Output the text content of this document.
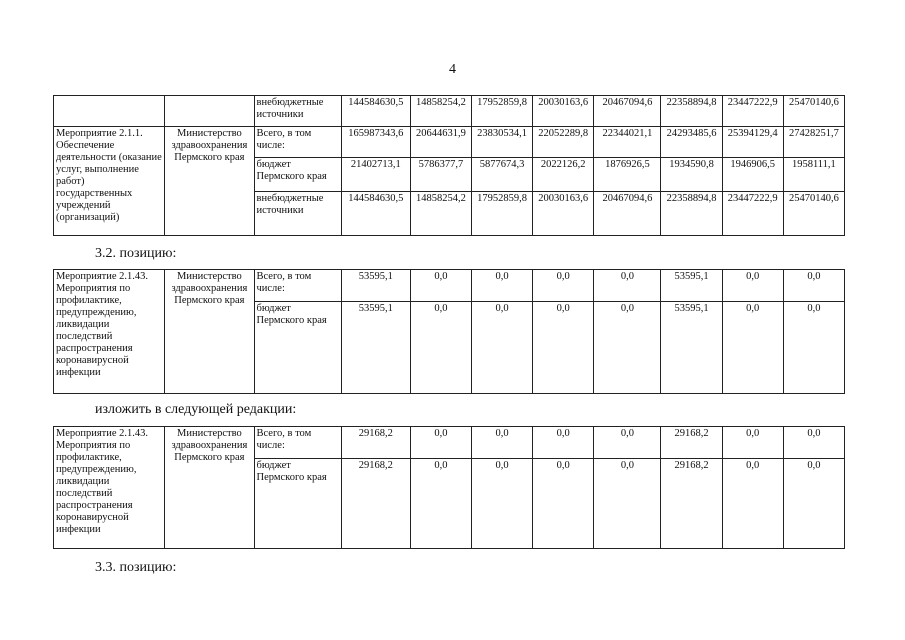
4
		внебюджетные источники	144584630,5	14858254,2	17952859,8	20030163,6	20467094,6	22358894,8	23447222,9	25470140,6
Мероприятие 2.1.1. Обеспечение деятельности (оказание услуг, выполнение работ) государственных учреждений (организаций)	Министерство здравоохранения Пермского края	Всего, в том числе:	165987343,6	20644631,9	23830534,1	22052289,8	22344021,1	24293485,6	25394129,4	27428251,7
		бюджет Пермского края	21402713,1	5786377,7	5877674,3	2022126,2	1876926,5	1934590,8	1946906,5	1958111,1
		внебюджетные источники	144584630,5	14858254,2	17952859,8	20030163,6	20467094,6	22358894,8	23447222,9	25470140,6
3.2. позицию:
Мероприятие 2.1.43. Мероприятия по профилактике, предупреждению, ликвидации последствий распространения коронавирусной инфекции	Министерство здравоохранения Пермского края	Всего, в том числе:	53595,1	0,0	0,0	0,0	0,0	53595,1	0,0	0,0
		бюджет Пермского края	53595,1	0,0	0,0	0,0	0,0	53595,1	0,0	0,0
изложить в следующей редакции:
Мероприятие 2.1.43. Мероприятия по профилактике, предупреждению, ликвидации последствий распространения коронавирусной инфекции	Министерство здравоохранения Пермского края	Всего, в том числе:	29168,2	0,0	0,0	0,0	0,0	29168,2	0,0	0,0
		бюджет Пермского края	29168,2	0,0	0,0	0,0	0,0	29168,2	0,0	0,0
3.3. позицию:
